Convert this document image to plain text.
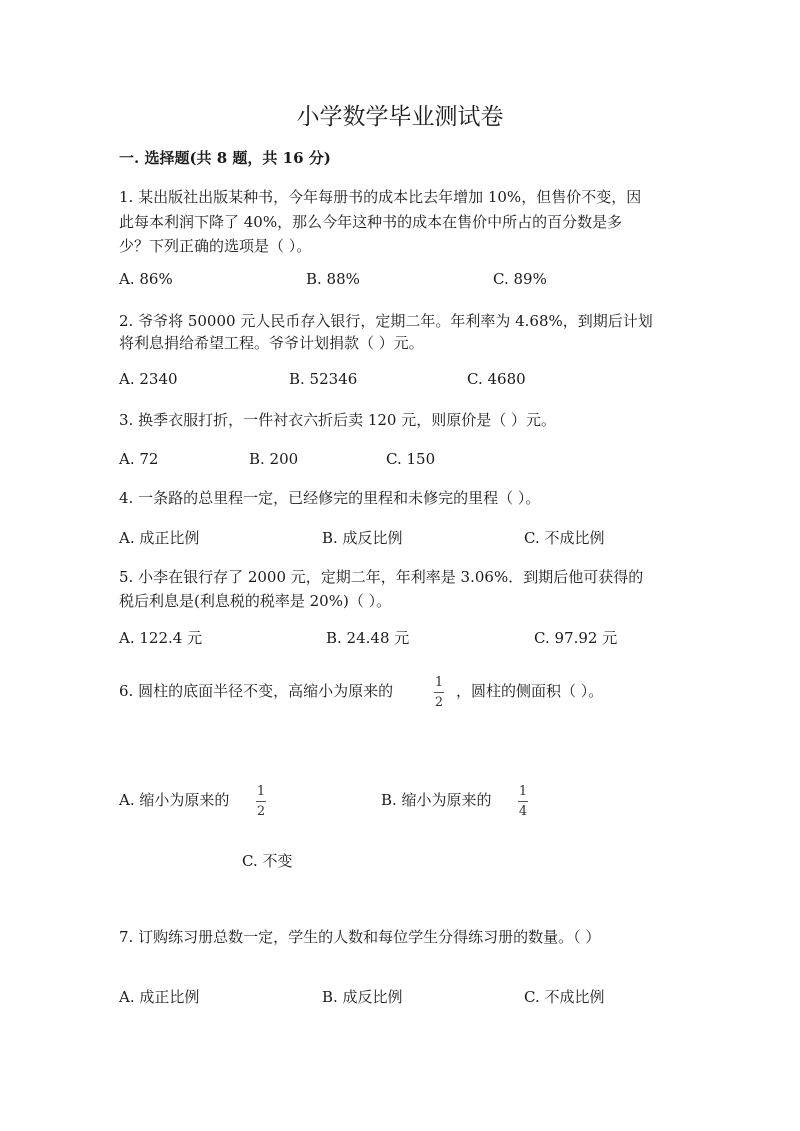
小学数学毕业测试卷
一. 选择题(共 8 题，共 16 分)
1. 某出版社出版某种书，今年每册书的成本比去年增加 10%，但售价不变，因
此每本利润下降了 40%，那么今年这种书的成本在售价中所占的百分数是多
少？下列正确的选项是（ ）。
A. 86%	B. 88%	C. 89%
2. 爷爷将 50000 元人民币存入银行，定期二年。年利率为 4.68%，到期后计划
将利息捐给希望工程。爷爷计划捐款（ ）元。
A. 2340	B. 52346	C. 4680
3. 换季衣服打折，一件衬衣六折后卖 120 元，则原价是（ ）元。
A. 72	B. 200	C. 150
4. 一条路的总里程一定，已经修完的里程和未修完的里程（ ）。
A. 成正比例	B. 成反比例	C. 不成比例
5. 小李在银行存了 2000 元，定期二年，年利率是 3.06%．到期后他可获得的
税后利息是(利息税的税率是 20%)（ ）。
A. 122.4 元	B. 24.48 元	C. 97.92 元
6. 圆柱的底面半径不变，高缩小为原来的	1
2
，圆柱的侧面积（ ）。
A. 缩小为原来的 1
2
B. 缩小为原来的 1
4
C. 不变
7. 订购练习册总数一定，学生的人数和每位学生分得练习册的数量。（ ）
A. 成正比例	B. 成反比例	C. 不成比例
